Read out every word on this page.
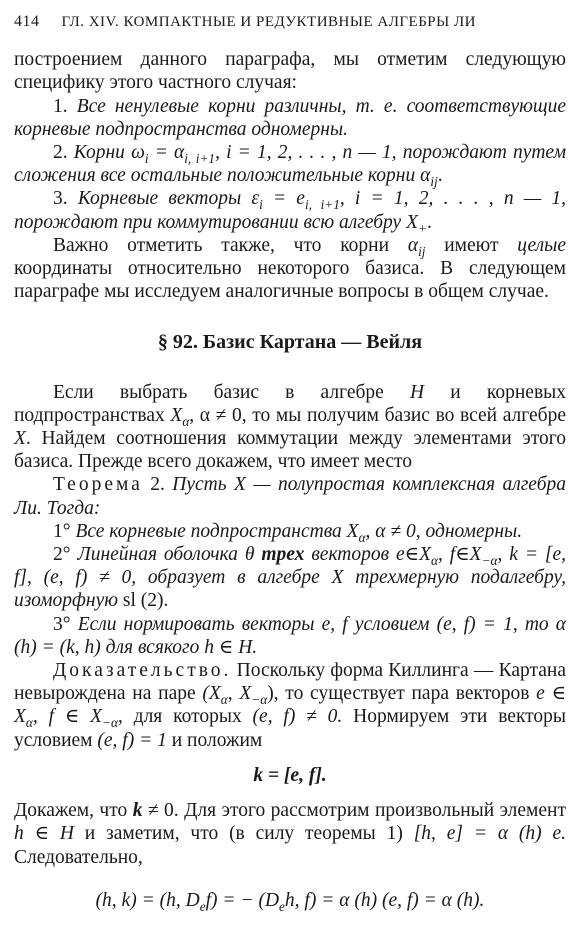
414 ГЛ. XIV. КОМПАКТНЫЕ И РЕДУКТИВНЫЕ АЛГЕБРЫ ЛИ

построением данного параграфа, мы отметим следующую специфику этого частного случая:

1. Все ненулевые корни различны, т. е. соответствующие корневые подпространства одномерны.

2. Корни $\omega_i = \alpha_{i, i+1}$, i = 1, 2, . . . , n — 1, порождают путем сложения все остальные положительные корни $\alpha_{ij}$.

3. Корневые векторы $\varepsilon_i = e_{i, i+1}$, i = 1, 2, . . . , n — 1, порождают при коммутировании всю алгебру $X_+$.

Важно отметить также, что корни $\alpha_{ij}$ имеют целые координаты относительно некоторого базиса. В следующем параграфе мы исследуем аналогичные вопросы в общем случае.

§ 92. Базис Картана — Вейля

Если выбрать базис в алгебре H и корневых подпространствах $X_\alpha$, α ≠ 0, то мы получим базис во всей алгебре X. Найдем соотношения коммутации между элементами этого базиса. Прежде всего докажем, что имеет место

Теорема 2. Пусть X — полупростая комплексная алгебра Ли. Тогда:

1° Все корневые подпространства $X_\alpha$, α ≠ 0, одномерны.

2° Линейная оболочка θ трех векторов $e\in X_\alpha$, $f\in X_{-\alpha}$, k = [e, f], (e, f) ≠ 0, образует в алгебре X трехмерную подалгебру, изоморфную sl (2).

3° Если нормировать векторы e, f условием (e, f) = 1, то α (h) = (k, h) для всякого h ∈ H.

Доказательство. Поскольку форма Киллинга — Картана невырождена на паре ($X_\alpha$, $X_{-\alpha}$), то существует пара векторов e ∈ $X_\alpha$, f ∈ $X_{-\alpha}$, для которых (e, f) ≠ 0. Нормируем эти векторы условием (e, f) = 1 и положим

k = [e, f].

Докажем, что k ≠ 0. Для этого рассмотрим произвольный элемент h ∈ H и заметим, что (в силу теоремы 1) [h, e] = α (h) e. Следовательно,

(h, k) = (h, $D_ef$) = − ($D_eh$, f) = α (h) (e, f) = α (h).
